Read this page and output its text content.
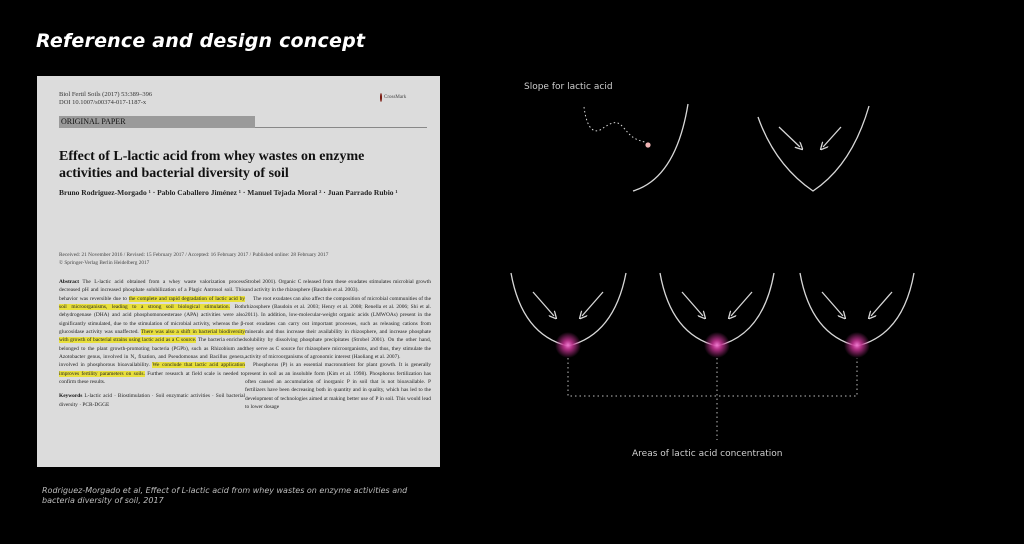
Reference and design concept
Biol Fertil Soils (2017) 53:389–396
DOI 10.1007/s00374-017-1187-x
CrossMark
ORIGINAL PAPER
Effect of L-lactic acid from whey wastes on enzyme activities and bacterial diversity of soil
Bruno Rodriguez-Morgado ¹ · Pablo Caballero Jiménez ¹ · Manuel Tejada Moral ² · Juan Parrado Rubio ¹
Received: 21 November 2016 / Revised: 15 February 2017 / Accepted: 16 February 2017 / Published online: 28 February 2017
© Springer-Verlag Berlin Heidelberg 2017

Abstract The L-lactic acid obtained from a whey waste valorization process decreased pH and increased phosphate solubilization of a Plagic Antrosol soil. This behavior was reversible due to the complete and rapid degradation of lactic acid by soil microorganisms, leading to a strong soil biological stimulation. Both dehydrogenase (DHA) and acid phosphomonoesterase (APA) activities were also significantly stimulated, due to the stimulation of microbial activity, whereas the β-glucosidase activity was unaffected. There was also a shift in bacterial biodiversity with growth of bacterial strains using lactic acid as a C source. The bacteria enriched belonged to the plant growth-promoting bacteria (PGPb), such as Rhizobium and Azotobacter genus, involved in N₂ fixation, and Pseudomonas and Bacillus genera, involved in phosphorous bioavailability. We conclude that lactic acid application improves fertility parameters on soils. Further research at field scale is needed to confirm these results.

Keywords L-lactic acid · Biostimulation · Soil enzymatic activities · Soil bacterial diversity · PCR-DGGE

Strobel 2001). Organic C released from these exudates stimulates microbial growth and activity in the rhizosphere (Baudoin et al. 2003).

The root exudates can also affect the composition of microbial communities of the rhizosphere (Baudoin et al. 2003; Henry et al. 2008; Renella et al. 2006; Shi et al. 2011). In addition, low-molecular-weight organic acids (LMWOAs) present in the root exudates can carry out important processes, such as releasing cations from minerals and thus increase their availability in rhizosphere, and increase phosphate solubility by dissolving phosphate precipitates (Strobel 2001). On the other hand, they serve as C source for rhizosphere microorganisms, and thus, they stimulate the activity of microorganisms of agronomic interest (Haoliang et al. 2007).

Phosphorus (P) is an essential macronutrient for plant growth. It is generally present in soil as an insoluble form (Kim et al. 1998). Phosphorus fertilization has often caused an accumulation of inorganic P in soil that is not bioavailable. P fertilizers have been decreasing both in quantity and in quality, which has led to the development of technologies aimed at making better use of P in soil. This would lead to lower dosage

Rodriguez-Morgado et al, Effect of L-lactic acid from whey wastes on enzyme activities and bacteria diversity of soil, 2017
Slope for lactic acid
Areas of lactic acid concentration
